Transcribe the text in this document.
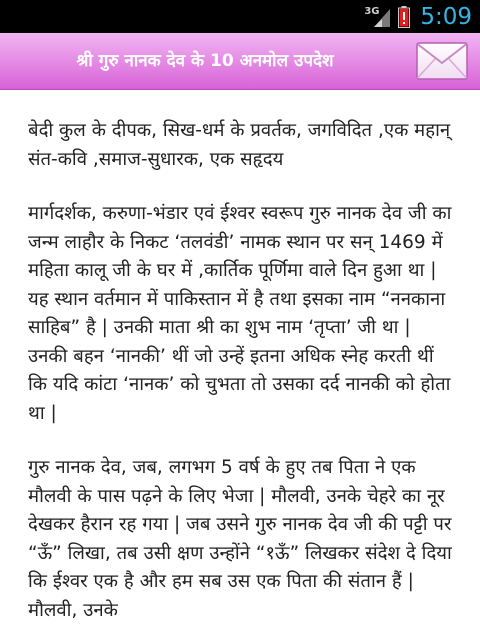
3G 5:09
श्री गुरु नानक देव के 10 अनमोल उपदेश

बेदी कुल के दीपक, सिख-धर्म के प्रवर्तक, जगविदित ,एक महान् संत-कवि ,समाज-सुधारक, एक सहृदय

मार्गदर्शक, करुणा-भंडार एवं ईश्वर स्वरूप गुरु नानक देव जी का जन्म लाहौर के निकट ‘तलवंडी’ नामक स्थान पर सन् 1469 में महिता कालू जी के घर में ,कार्तिक पूर्णिमा वाले दिन हुआ था | यह स्थान वर्तमान में पाकिस्तान में है तथा इसका नाम “ननकाना साहिब” है | उनकी माता श्री का शुभ नाम ‘तृप्ता’ जी था | उनकी बहन ‘नानकी’ थीं जो उन्हें इतना अधिक स्नेह करती थीं कि यदि कांटा ‘नानक’ को चुभता तो उसका दर्द नानकी को होता था |

गुरु नानक देव, जब, लगभग 5 वर्ष के हुए तब पिता ने एक मौलवी के पास पढ़ने के लिए भेजा | मौलवी, उनके चेहरे का नूर देखकर हैरान रह गया | जब उसने गुरु नानक देव जी की पट्टी पर “ऊँ” लिखा, तब उसी क्षण उन्होंने “१ऊँ” लिखकर संदेश दे दिया कि ईश्वर एक है और हम सब उस एक पिता की संतान हैं | मौलवी, उनके
